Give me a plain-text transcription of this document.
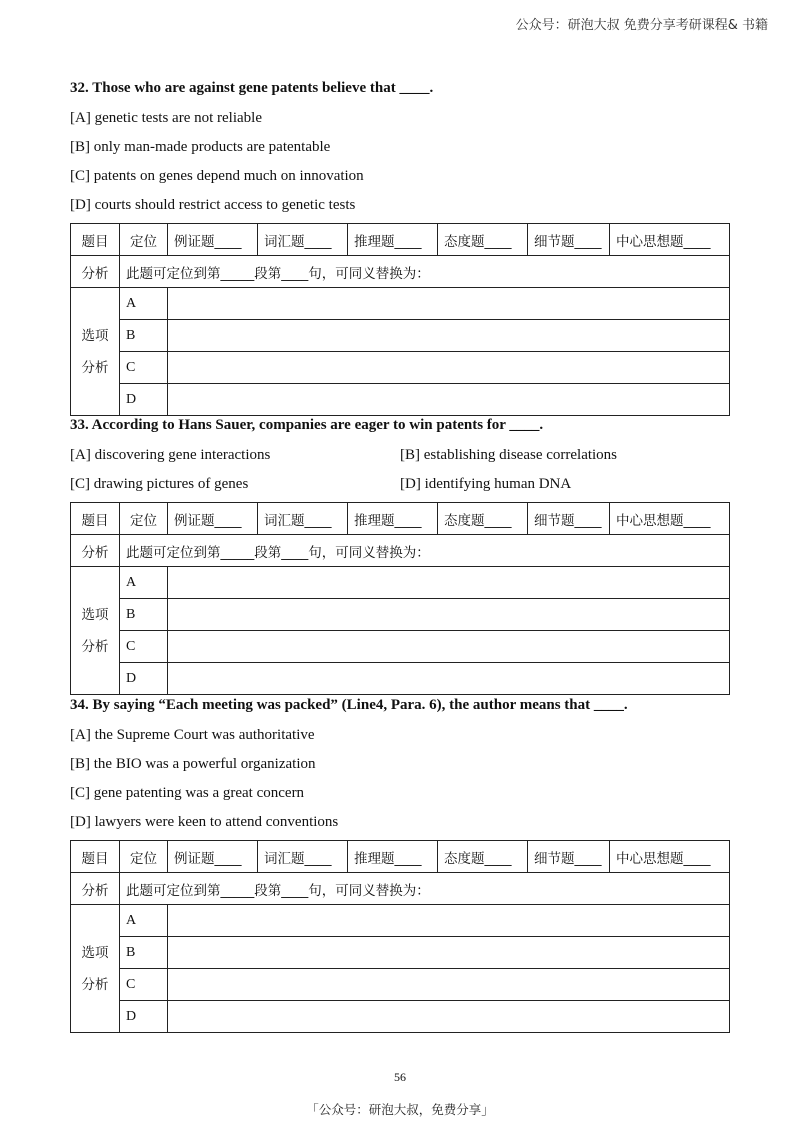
公众号：研泡大叔 免费分享考研课程& 书籍
32. Those who are against gene patents believe that ____.
[A] genetic tests are not reliable
[B] only man-made products are patentable
[C] patents on genes depend much on innovation
[D] courts should restrict access to genetic tests
题目	定位	例证题____	词汇题____	推理题____	态度题____	细节题____	中心思想题____
分析	此题可定位到第_____段第____句，可同义替换为：						
选项
分析	A						
	B						
	C						
	D						
33. According to Hans Sauer, companies are eager to win patents for ____.
[A] discovering gene interactions	[B] establishing disease correlations
[C] drawing pictures of genes	[D] identifying human DNA
题目	定位	例证题____	词汇题____	推理题____	态度题____	细节题____	中心思想题____
分析	此题可定位到第_____段第____句，可同义替换为：						
选项
分析	A						
	B						
	C						
	D						
34. By saying “Each meeting was packed” (Line4, Para. 6), the author means that ____.
[A] the Supreme Court was authoritative
[B] the BIO was a powerful organization
[C] gene patenting was a great concern
[D] lawyers were keen to attend conventions
题目	定位	例证题____	词汇题____	推理题____	态度题____	细节题____	中心思想题____
分析	此题可定位到第_____段第____句，可同义替换为：						
选项
分析	A						
	B						
	C						
	D						
56
「公众号：研泡大叔，免费分享」
